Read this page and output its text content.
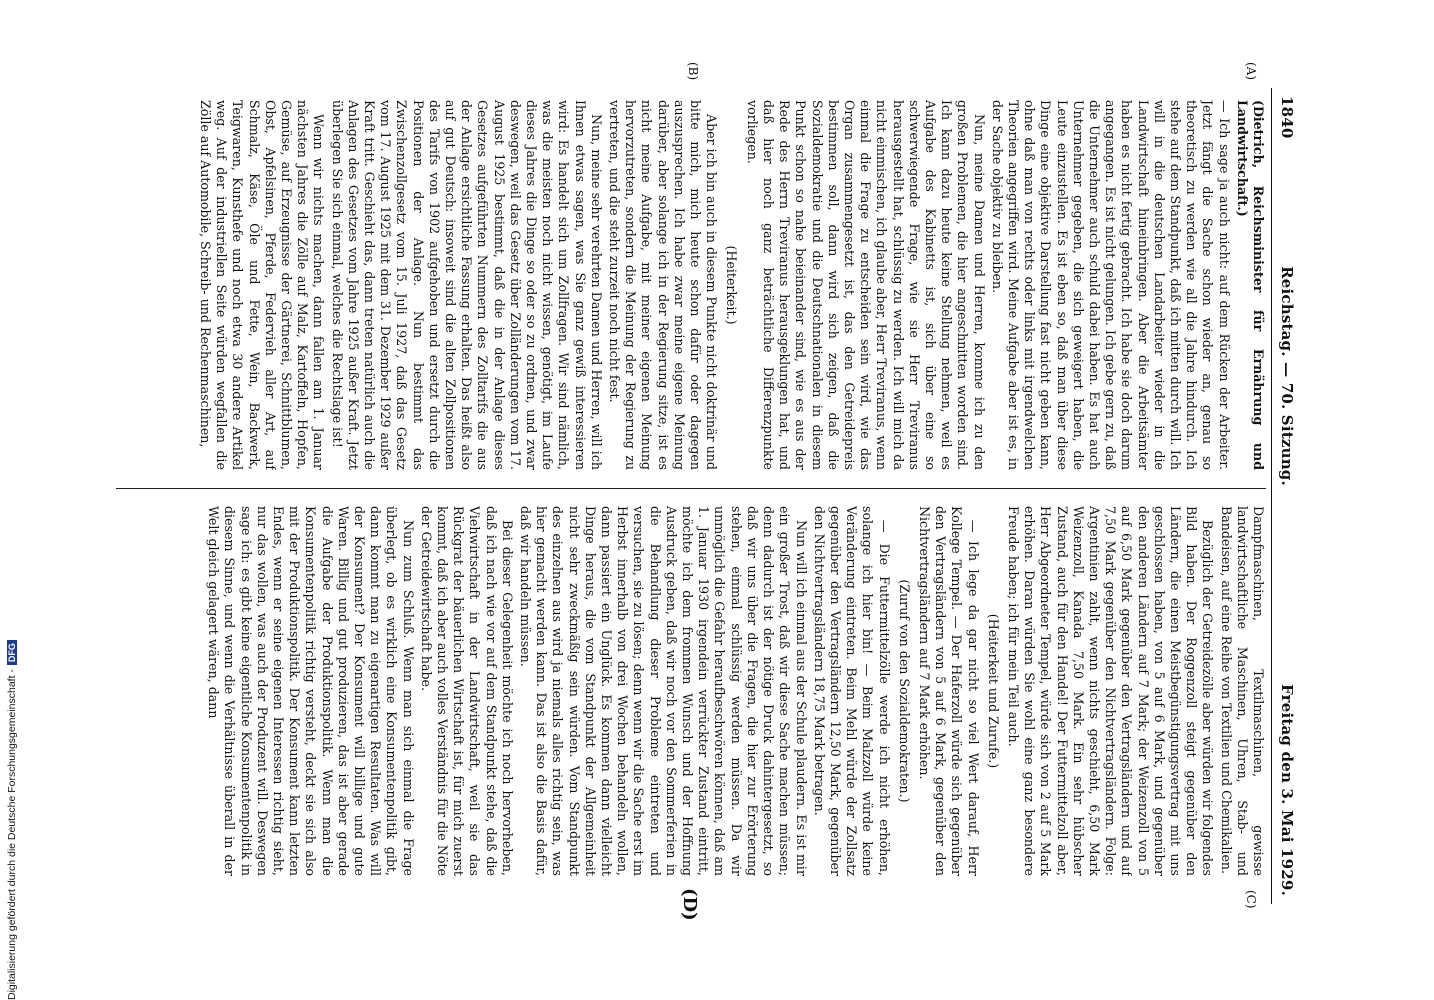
1840
Reichstag. — 70. Sitzung.
Freitag den 3. Mai 1929.
(A)
(B)
(C)
(D)

(Dietrich, Reichsminister für Ernährung und Landwirtschaft.)

— Ich sage ja auch nicht: auf dem Rücken der Arbeiter. Jetzt fängt die Sache schon wieder an, genau so theoretisch zu werden wie all die Jahre hindurch. Ich stehe auf dem Standpunkt, daß ich mitten durch will. Ich will in die deutschen Landarbeiter wieder in die Landwirtschaft hineinbringen. Aber die Arbeitsämter haben es nicht fertig gebracht. Ich habe sie doch darum angegangen. Es ist nicht gelungen. Ich gebe gern zu, daß die Unternehmer auch schuld dabei haben. Es hat auch Unternehmer gegeben, die sich geweigert haben, die Leute einzustellen. Es ist eben so, daß man über diese Dinge eine objektive Darstellung fast nicht geben kann, ohne daß man von rechts oder links mit irgendwelchen Theorien angegriffen wird. Meine Aufgabe aber ist es, in der Sache objektiv zu bleiben.

Nun, meine Damen und Herren, komme ich zu den großen Problemen, die hier angeschnitten worden sind. Ich kann dazu heute keine Stellung nehmen, weil es Aufgabe des Kabinetts ist, sich über eine so schwerwiegende Frage, wie sie Herr Treviranus herausgestellt hat, schlüssig zu werden. Ich will mich da nicht einmischen, ich glaube aber, Herr Treviranus, wenn einmal die Frage zu entscheiden sein wird, wie das Organ zusammengesetzt ist, das den Getreidepreis bestimmen soll, dann wird sich zeigen, daß die Sozialdemokratie und die Deutschnationalen in diesem Punkt schon so nahe beieinander sind, wie es aus der Rede des Herrn Treviranus herausgeklungen hat, und daß hier noch ganz beträchtliche Differenzpunkte vorliegen.

(Heiterkeit.)

Aber ich bin auch in diesem Punkte nicht doktrinär und bitte mich, mich heute schon dafür oder dagegen auszusprechen. Ich habe zwar meine eigene Meinung darüber, aber solange ich in der Regierung sitze, ist es nicht meine Aufgabe, mit meiner eigenen Meinung hervorzutreten, sondern die Meinung der Regierung zu vertreten, und die steht zurzeit noch nicht fest.

Nun, meine sehr verehrten Damen und Herren, will ich Ihnen etwas sagen, was Sie ganz gewiß interessieren wird: Es handelt sich um Zollfragen. Wir sind nämlich, was die meisten noch nicht wissen, genötigt, im Laufe dieses Jahres die Dinge so oder so zu ordnen, und zwar deswegen, weil das Gesetz über Zolländerungen vom 17. August 1925 bestimmt, daß die in der Anlage dieses Gesetzes aufgeführten Nummern des Zolltarifs die aus der Anlage ersichtliche Fassung erhalten. Das heißt also auf gut Deutsch: insoweit sind die alten Zollpositionen des Tarifs von 1902 aufgehoben und ersetzt durch die Positionen der Anlage. Nun bestimmt das Zwischenzollgesetz vom 15. Juli 1927, daß das Gesetz vom 17. August 1925 mit dem 31. Dezember 1929 außer Kraft tritt. Geschieht das, dann treten natürlich auch die Anlagen des Gesetzes vom Jahre 1925 außer Kraft. Jetzt überlegen Sie sich einmal, welches die Rechtslage ist!

Wenn wir nichts machen, dann fallen am 1. Januar nächsten Jahres die Zölle auf Malz, Kartoffeln, Hopfen, Gemüse, auf Erzeugnisse der Gärtnerei, Schnittblumen, Obst, Apfelsinen, Pferde, Federvieh aller Art, auf Schmalz, Käse, Öle und Fette, Wein, Backwerk, Teigwaren, Kunsthefe und noch etwa 30 andere Artikel weg. Auf der industriellen Seite würden wegfallen die Zölle auf Automobile, Schreib- und Rechenmaschinen,

Dampfmaschinen, Textilmaschinen, gewisse landwirtschaftliche Maschinen, Uhren, Stab- und Bandeisen, auf eine Reihe von Textilien und Chemikalien.

Bezüglich der Getreidezölle aber würden wir folgendes Bild haben. Der Roggenzoll steigt gegenüber den Ländern, die einen Meistbegünstigungsvertrag mit uns geschlossen haben, von 5 auf 6 Mark, und gegenüber den anderen Ländern auf 7 Mark; der Weizenzoll von 5 auf 6,50 Mark gegenüber den Vertragsländern und auf 7,50 Mark gegenüber den Nichtvertragsländern. Folge: Argentinien zahlt, wenn nichts geschieht, 6,50 Mark Weizenzoll, Kanada 7,50 Mark. Ein sehr hübscher Zustand, auch für den Handel! Der Futtermittelzoll aber, Herr Abgeordneter Tempel, würde sich von 2 auf 5 Mark erhöhen. Daran würden Sie wohl eine ganz besondere Freude haben; ich für mein Teil auch.

(Heiterkeit und Zurufe.)

— Ich lege da gar nicht so viel Wert darauf, Herr Kollege Tempel. — Der Haferzoll würde sich gegenüber den Vertragsländern von 5 auf 6 Mark, gegenüber den Nichtvertragsländern auf 7 Mark erhöhen.

(Zuruf von den Sozialdemokraten.)

— Die Futtermittelzölle werde ich nicht erhöhen, solange ich hier bin! — Beim Malzzoll würde keine Veränderung eintreten. Beim Mehl würde der Zollsatz gegenüber den Vertragsländern 12,50 Mark, gegenüber den Nichtvertragsländern 18,75 Mark betragen.

Nun will ich einmal aus der Schule plaudern. Es ist mir ein großer Trost, daß wir diese Sache machen müssen; denn dadurch ist der nötige Druck dahintergesetzt, so daß wir uns über die Fragen, die hier zur Erörterung stehen, einmal schlüssig werden müssen. Da wir unmöglich die Gefahr heraufbeschwören können, daß am 1. Januar 1930 irgendein verrückter Zustand eintritt, möchte ich dem frommen Wunsch und der Hoffnung Ausdruck geben, daß wir noch vor den Sommerferien in die Behandlung dieser Probleme eintreten und versuchen, sie zu lösen; denn wenn wir die Sache erst im Herbst innerhalb von drei Wochen behandeln wollen, dann passiert ein Unglück. Es kommen dann vielleicht Dinge heraus, die vom Standpunkt der Allgemeinheit nicht sehr zweckmäßig sein würden. Vom Standpunkt des einzelnen aus wird ja niemals alles richtig sein, was hier gemacht werden kann. Das ist also die Basis dafür, daß wir handeln müssen.

Bei dieser Gelegenheit möchte ich noch hervorheben, daß ich nach wie vor auf dem Standpunkt stehe, daß die Viehwirtschaft in der Landwirtschaft, weil sie das Rückgrat der bäuerlichen Wirtschaft ist, für mich zuerst kommt, daß ich aber auch volles Verständnis für die Nöte der Getreidewirtschaft habe.

Nun zum Schluß. Wenn man sich einmal die Frage überlegt, ob es wirklich eine Konsumentenpolitik gibt, dann kommt man zu eigenartigen Resultaten. Was will der Konsument? Der Konsument will billige und gute Waren. Billig und gut produzieren, das ist aber gerade die Aufgabe der Produktionspolitik. Wenn man die Konsumentenpolitik richtig versteht, deckt sie sich also mit der Produktionspolitik. Der Konsument kann letzten Endes, wenn er seine eigenen Interessen richtig sieht, nur das wollen, was auch der Produzent will. Deswegen sage ich: es gibt keine eigentliche Konsumentenpolitik in diesem Sinne, und wenn die Verhältnisse überall in der Welt gleich gelagert wären, dann

Digitalisierung gefördert durch die Deutsche Forschungsgemeinschaft -DFG
